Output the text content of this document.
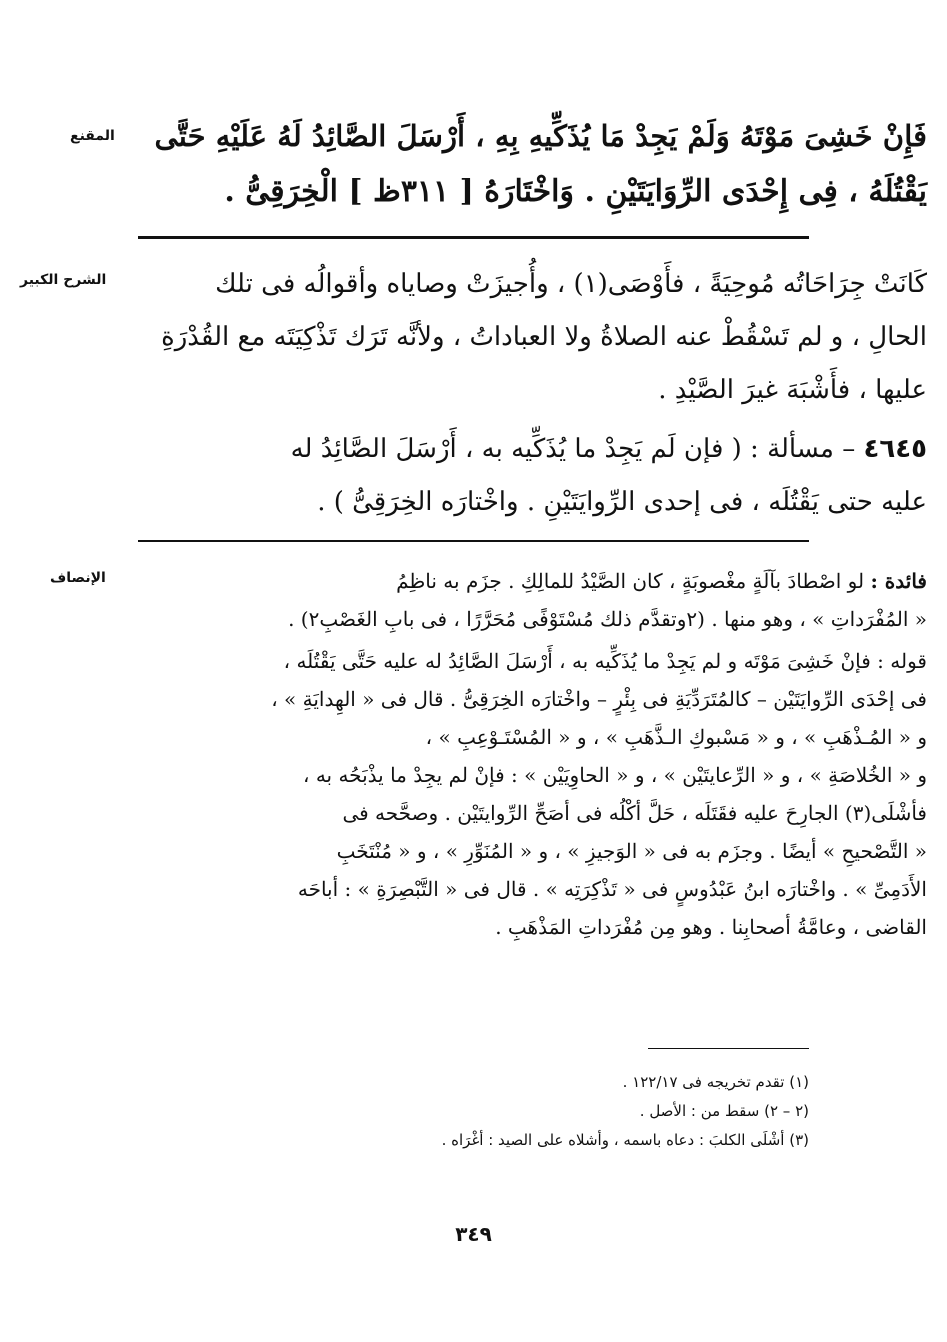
المقنع	فَإِنْ خَشِىَ مَوْتَهُ وَلَمْ يَجِدْ مَا يُذَكِّيهِ بِهِ ، أَرْسَلَ الصَّائِدُ لَهُ عَلَيْهِ حَتَّى
يَقْتُلَهُ ، فِى إِحْدَى الرِّوَايَتَيْنِ . وَاخْتَارَهُ [ ٣١١ظ ] الْخِرَقِىُّ .
الشرح الكبير	كَانَتْ جِرَاحَاتُه مُوحِيَةً ، فأَوْصَى(١) ، وأُجيزَتْ وصاياه وأقوالُه فى تلك
الحالِ ، و لم تَسْقُطْ عنه الصلاةُ ولا العباداتُ ، ولأنَّه تَرَك تَذْكِيَتَه مع القُدْرَةِ
عليها ، فأَشْبَهَ غيرَ الصَّيْدِ .
٤٦٤٥ – مسألة : ( فإن لَم يَجِدْ ما يُذَكِّيه به ، أَرْسَلَ الصَّائِدُ له
عليه حتى يَقْتُلَه ، فى إحدى الرِّوايَتَيْنِ . واخْتارَه الخِرَقِىُّ ) .
الإنصاف	فائدة : لو اصْطادَ بآلَةٍ مغْصوبَةٍ ، كان الصَّيْدُ للمالِكِ . جزَم به ناظِمُ
« المُفْرَداتِ » ، وهو منها . (٢وتقدَّم ذلك مُسْتَوْفًى مُحَرَّرًا ، فى بابِ الغَصْبِ٢) .
قوله : فإنْ خَشِىَ مَوْتَه و لم يَجِدْ ما يُذَكِّيه به ، أَرْسَلَ الصَّائِدُ له عليه حَتَّى يَقْتُلَه ،
فى إحْدَى الرِّوايَتَيْن – كالمُتَرَدِّيَةِ فى بِئْرٍ – واخْتارَه الخِرَقِىُّ . قال فى « الهِدايَةِ » ،
و « المُـذْهَبِ » ، و « مَسْبوكِ الـذَّهَبِ » ، و « المُسْتَـوْعِبِ » ،
و « الخُلاصَةِ » ، و « الرِّعايتَيْن » ، و « الحاوِيَيْن » : فإنْ لم يجِدْ ما يذْبَحُه به ،
فأشْلَى(٣) الجارِحَ عليه فقَتَلَه ، حَلَّ أكْلُه فى أصَحِّ الرِّوايتَيْن . وصحَّحه فى
« التَّصْحيحِ » أيضًا . وجزَم به فى « الوَجيزِ » ، و « المُنَوِّرِ » ، و « مُنْتَخَبِ
الأَدَمِىِّ » . واخْتارَه ابنُ عَبْدُوسٍ فى « تَذْكِرَتِه » . قال فى « التَّبْصِرَةِ » : أباحَه
القاضى ، وعامَّةُ أصحابِنا . وهو مِن مُفْرَداتِ المَذْهَبِ .
(١) تقدم تخريجه فى ١٢٢/١٧ .
(٢ – ٢) سقط من : الأصل .
(٣) أشْلَى الكلبَ : دعاه باسمه ، وأشلاه على الصيد : أغْرَاه .
٣٤٩
